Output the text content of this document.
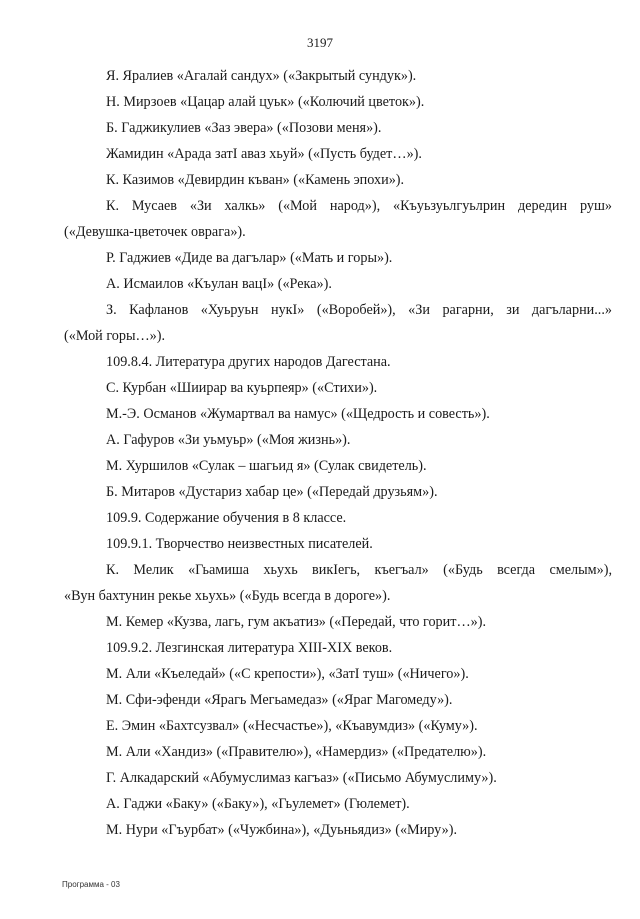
3197
Я. Яралиев «Агалай сандух» («Закрытый сундук»).
Н. Мирзоев «Цацар алай цуьк» («Колючий цветок»).
Б. Гаджикулиев «Заз эвера» («Позови меня»).
Жамидин «Арада затI аваз хьуй» («Пусть будет…»).
К. Казимов «Девирдин къван» («Камень эпохи»).
К. Мусаев «Зи халкь» («Мой народ»), «Къуьзуьлгуьлрин дередин руш»
(«Девушка-цветочек оврага»).
Р. Гаджиев «Диде ва дагълар» («Мать и горы»).
А. Исмаилов «Къулан вацI» («Река»).
З. Кафланов «Хуьруьн нукI» («Воробей»), «Зи рагарни, зи дагъларни...»
(«Мой горы…»).
109.8.4. Литература других народов Дагестана.
С. Курбан «Шиирар ва куьрпеяр» («Стихи»).
М.-Э. Османов «Жумартвал ва намус» («Щедрость и совесть»).
А. Гафуров «Зи уьмуьр» («Моя жизнь»).
М. Хуршилов «Сулак – шагьид я» (Сулак свидетель).
Б. Митаров «Дустариз хабар це» («Передай друзьям»).
109.9. Содержание обучения в 8 классе.
109.9.1. Творчество неизвестных писателей.
К. Мелик «Гьамиша хьухь викIегь, къегъал» («Будь всегда смелым»),
«Вун бахтунин рекье хьухь» («Будь всегда в дороге»).
М. Кемер «Кузва, лагь, гум акъатиз» («Передай, что горит…»).
109.9.2. Лезгинская литература XIII-XIX веков.
М. Али «Къеледай» («С крепости»), «ЗатI туш» («Ничего»).
М. Сфи-эфенди «Ярагь Мегьамедаз» («Яраг Магомеду»).
Е. Эмин «Бахтсузвал» («Несчастье»), «Къавумдиз» («Куму»).
М. Али «Хандиз» («Правителю»), «Намердиз» («Предателю»).
Г. Алкадарский «Абумуслимаз кагъаз» («Письмо Абумуслиму»).
А. Гаджи «Баку» («Баку»), «Гьулемет» (Гюлемет).
М. Нури «Гъурбат» («Чужбина»), «Дуьньядиз» («Миру»).
Программа - 03
